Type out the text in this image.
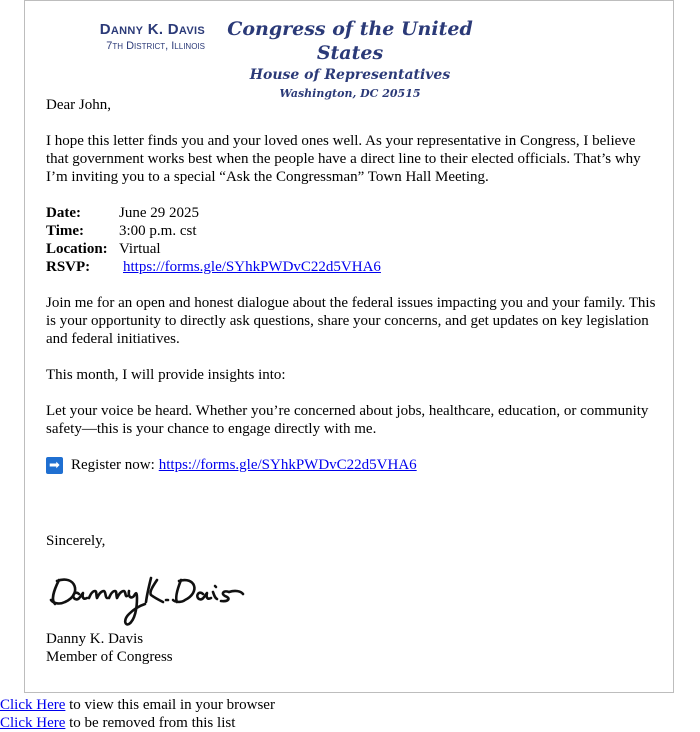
Danny K. Davis
7th District, Illinois
Congress of the United States
House of Representatives
Washington, DC 20515

Dear John,

I hope this letter finds you and your loved ones well. As your representative in Congress, I believe that government works best when the people have a direct line to their elected officials. That’s why I’m inviting you to a special “Ask the Congressman” Town Hall Meeting.

Date:	June 29 2025
Time:	3:00 p.m. cst
Location: Virtual
RSVP:	https://forms.gle/SYhkPWDvC22d5VHA6

Join me for an open and honest dialogue about the federal issues impacting you and your family. This is your opportunity to directly ask questions, share your concerns, and get updates on key legislation and federal initiatives.

This month, I will provide insights into:

Let your voice be heard. Whether you’re concerned about jobs, healthcare, education, or community safety—this is your chance to engage directly with me.

➡ Register now: https://forms.gle/SYhkPWDvC22d5VHA6
Sincerely,
Danny K. Davis
Member of Congress
Click Here to view this email in your browser
Click Here to be removed from this list
